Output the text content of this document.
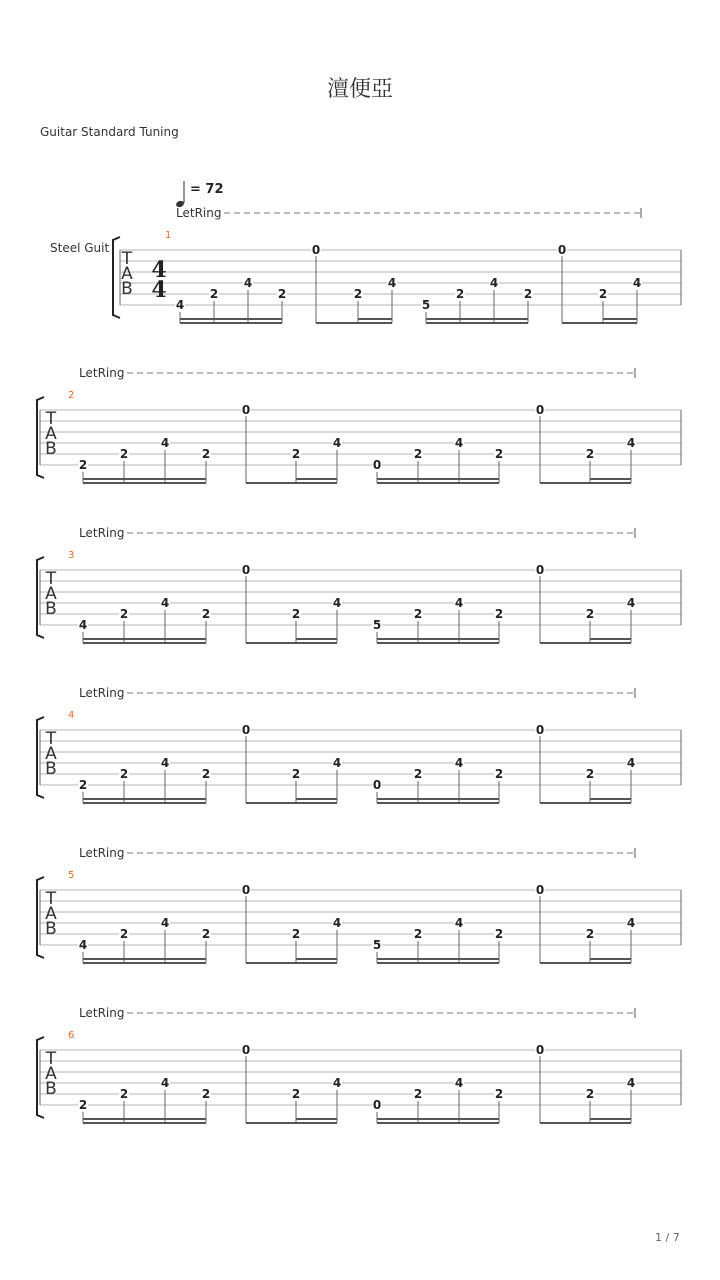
澶便亞
Guitar Standard Tuning
= 72
LetRing
1
Steel Guit
T
A
B
4
4
4
2
4
2
0
2
4
5
2
4
2
0
2
4
LetRing
2
T
A
B
2
2
4
2
0
2
4
0
2
4
2
0
2
4
LetRing
3
T
A
B
4
2
4
2
0
2
4
5
2
4
2
0
2
4
LetRing
4
T
A
B
2
2
4
2
0
2
4
0
2
4
2
0
2
4
LetRing
5
T
A
B
4
2
4
2
0
2
4
5
2
4
2
0
2
4
LetRing
6
T
A
B
2
2
4
2
0
2
4
0
2
4
2
0
2
4
1 / 7
